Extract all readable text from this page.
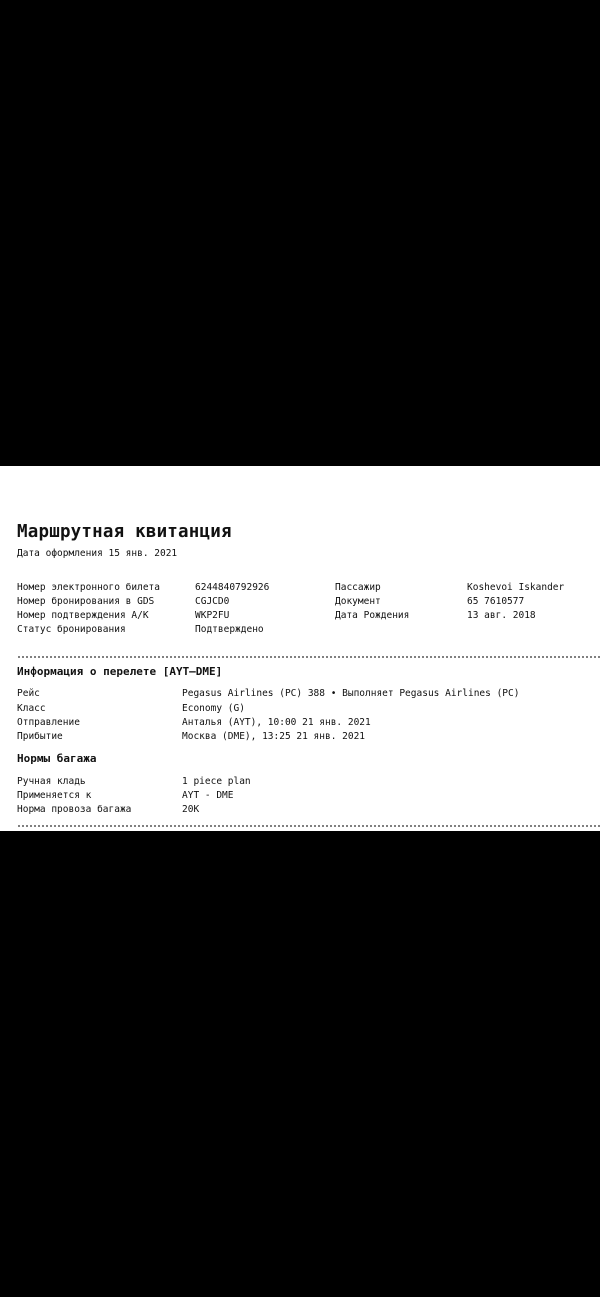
Маршрутная квитанция
Дата оформления 15 янв. 2021
Номер электронного билета	6244840792926
Номер бронирования в GDS	CGJCD0
Номер подтверждения А/К	WKP2FU
Статус бронирования	Подтверждено
Пассажир	Koshevoi Iskander
Документ	65 7610577
Дата Рождения	13 авг. 2018
Информация о перелете [AYT–DME]
Рейс	Pegasus Airlines (PC) 388 • Выполняет Pegasus Airlines (PC)
Класс	Economy (G)
Отправление	Анталья (AYT), 10:00 21 янв. 2021
Прибытие	Москва (DME), 13:25 21 янв. 2021
Нормы багажа
Ручная кладь	1 piece plan
Применяется к	AYT - DME
Норма провоза багажа	20K
